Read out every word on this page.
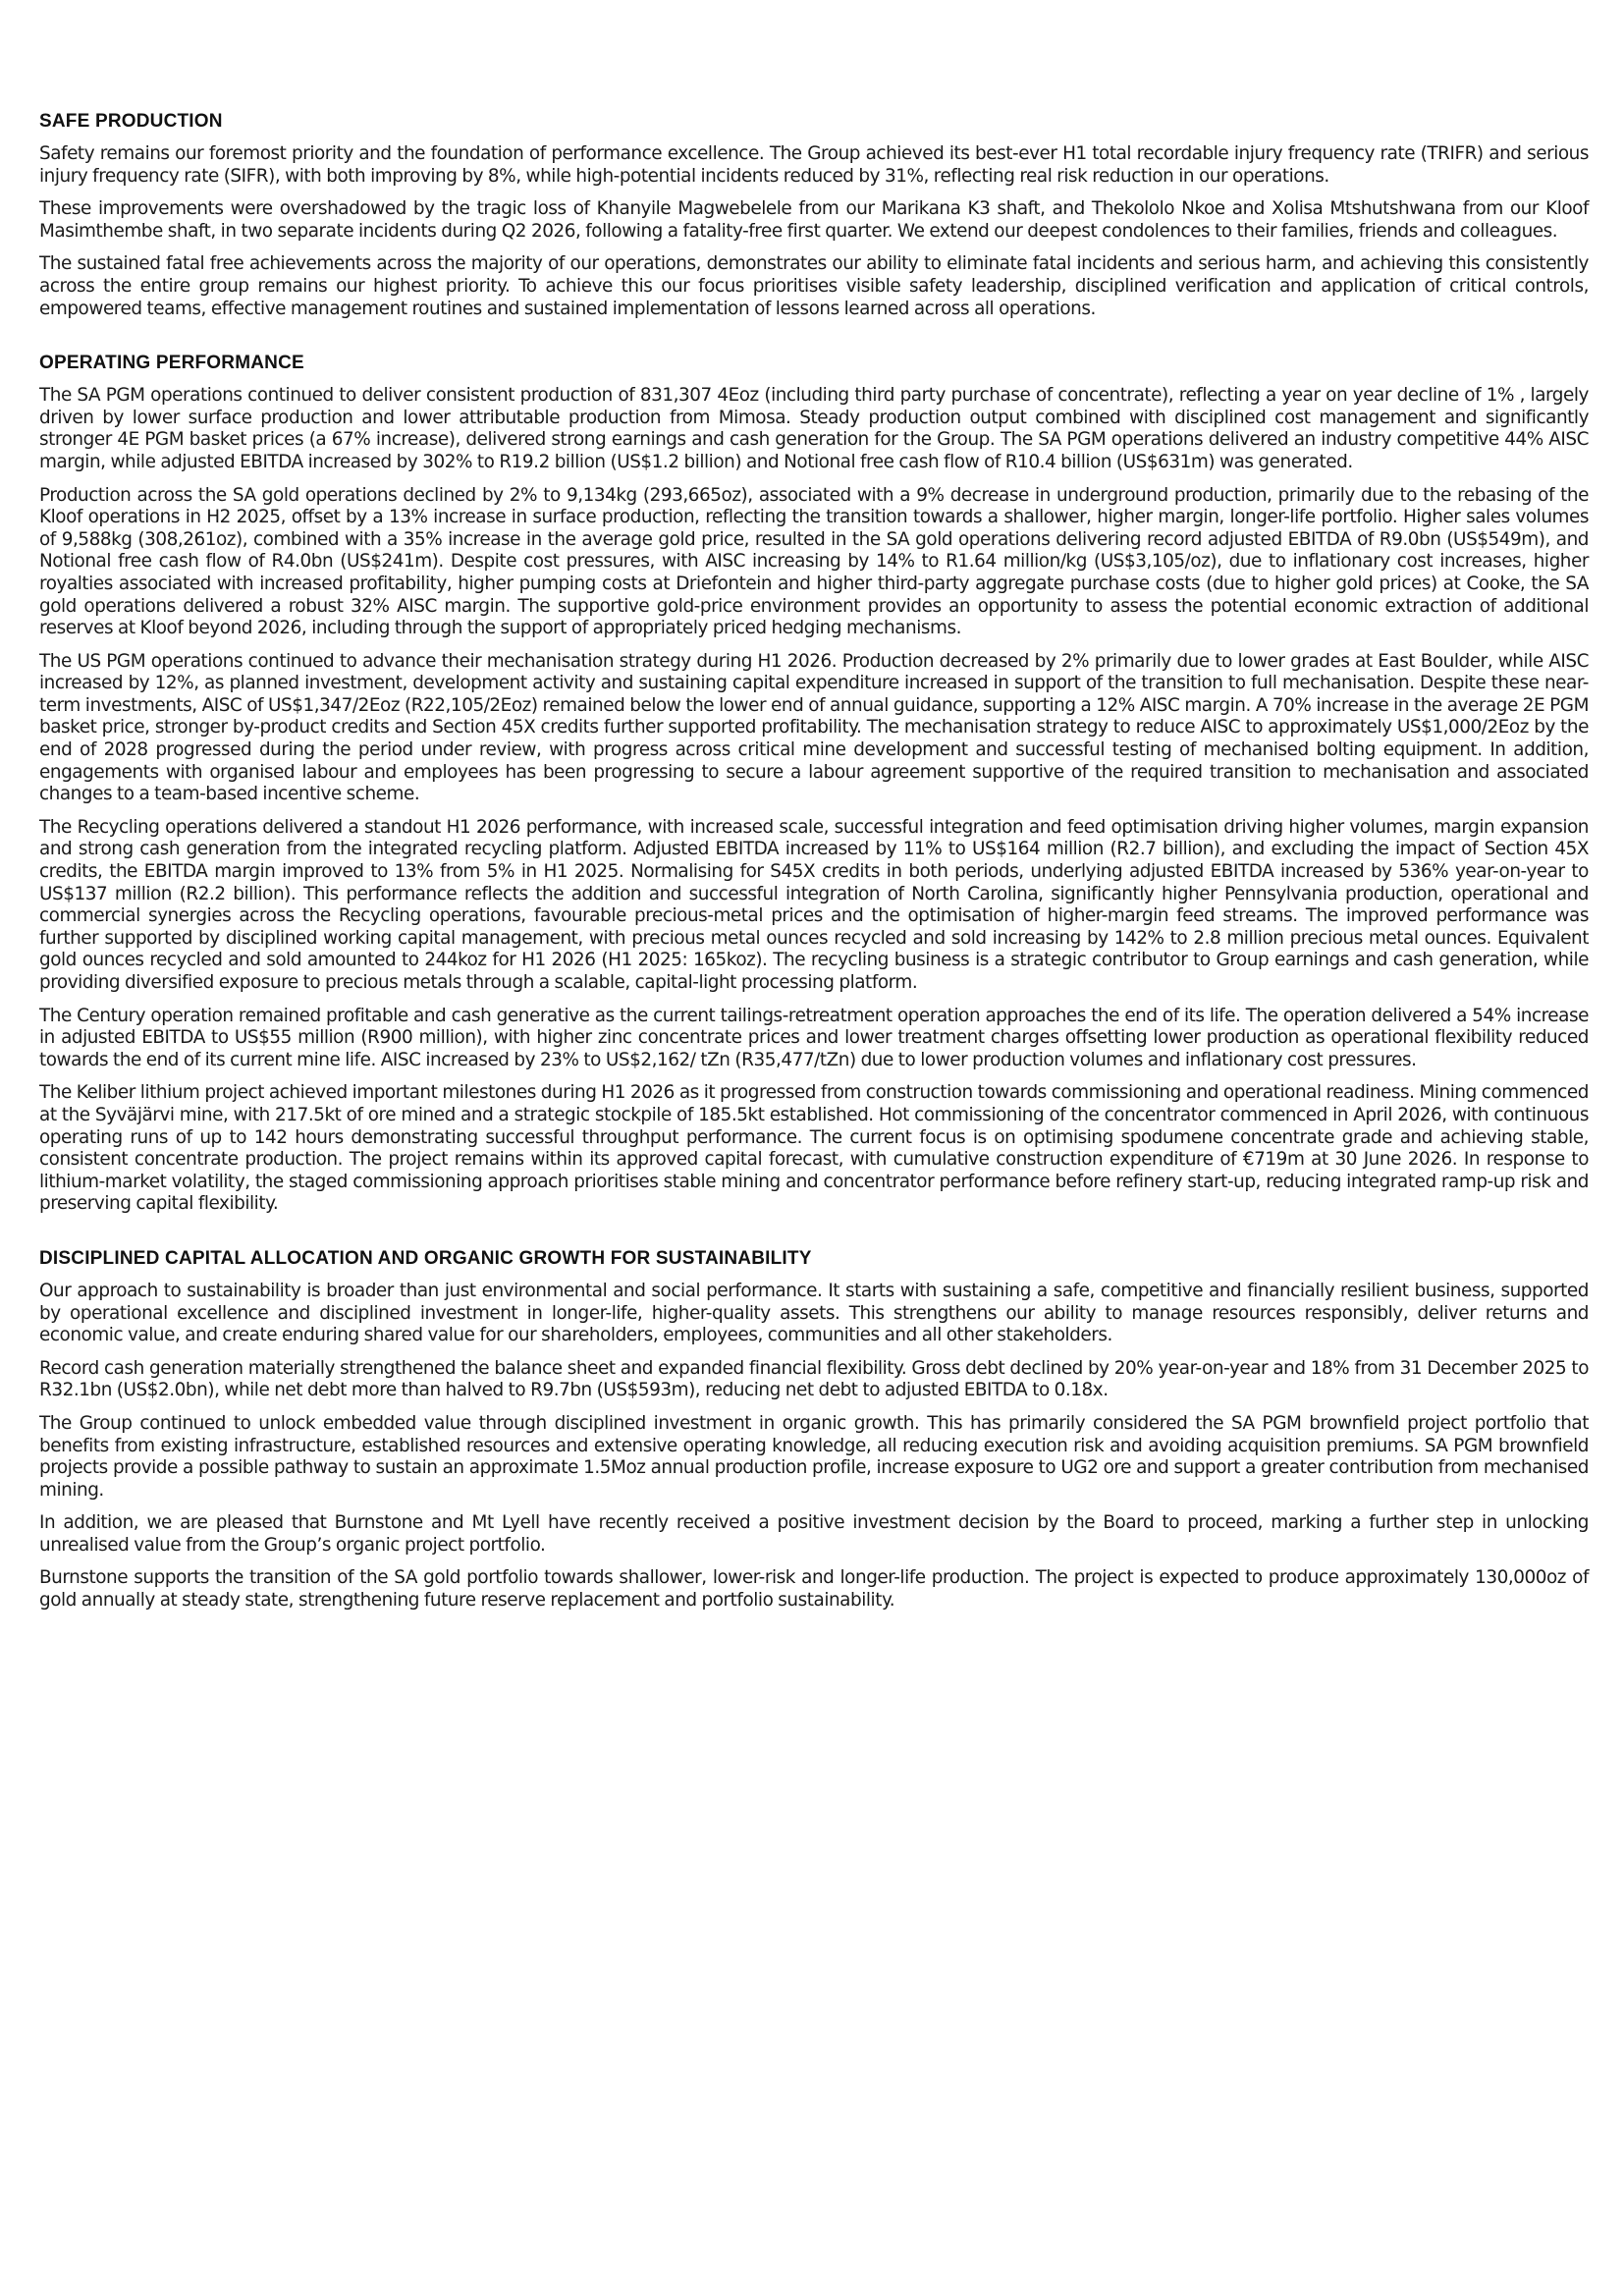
SAFE PRODUCTION

Safety remains our foremost priority and the foundation of performance excellence. The Group achieved its best-ever H1 total recordable injury frequency rate (TRIFR) and serious injury frequency rate (SIFR), with both improving by 8%, while high-potential incidents reduced by 31%, reflecting real risk reduction in our operations.

These improvements were overshadowed by the tragic loss of Khanyile Magwebelele from our Marikana K3 shaft, and Thekololo Nkoe and Xolisa Mtshutshwana from our Kloof Masimthembe shaft, in two separate incidents during Q2 2026, following a fatality-free first quarter. We extend our deepest condolences to their families, friends and colleagues.

The sustained fatal free achievements across the majority of our operations, demonstrates our ability to eliminate fatal incidents and serious harm, and achieving this consistently across the entire group remains our highest priority. To achieve this our focus prioritises visible safety leadership, disciplined verification and application of critical controls, empowered teams, effective management routines and sustained implementation of lessons learned across all operations.

OPERATING PERFORMANCE

The SA PGM operations continued to deliver consistent production of 831,307 4Eoz (including third party purchase of concentrate), reflecting a year on year decline of 1% , largely driven by lower surface production and lower attributable production from Mimosa. Steady production output combined with disciplined cost management and significantly stronger 4E PGM basket prices (a 67% increase), delivered strong earnings and cash generation for the Group. The SA PGM operations delivered an industry competitive 44% AISC margin, while adjusted EBITDA increased by 302% to R19.2 billion (US$1.2 billion) and Notional free cash flow of R10.4 billion (US$631m) was generated.

Production across the SA gold operations declined by 2% to 9,134kg (293,665oz), associated with a 9% decrease in underground production, primarily due to the rebasing of the Kloof operations in H2 2025, offset by a 13% increase in surface production, reflecting the transition towards a shallower, higher margin, longer-life portfolio. Higher sales volumes of 9,588kg (308,261oz), combined with a 35% increase in the average gold price, resulted in the SA gold operations delivering record adjusted EBITDA of R9.0bn (US$549m), and Notional free cash flow of R4.0bn (US$241m). Despite cost pressures, with AISC increasing by 14% to R1.64 million/kg (US$3,105/oz), due to inflationary cost increases, higher royalties associated with increased profitability, higher pumping costs at Driefontein and higher third-party aggregate purchase costs (due to higher gold prices) at Cooke, the SA gold operations delivered a robust 32% AISC margin. The supportive gold-price environment provides an opportunity to assess the potential economic extraction of additional reserves at Kloof beyond 2026, including through the support of appropriately priced hedging mechanisms.

The US PGM operations continued to advance their mechanisation strategy during H1 2026. Production decreased by 2% primarily due to lower grades at East Boulder, while AISC increased by 12%, as planned investment, development activity and sustaining capital expenditure increased in support of the transition to full mechanisation. Despite these near-term investments, AISC of US$1,347/2Eoz (R22,105/2Eoz) remained below the lower end of annual guidance, supporting a 12% AISC margin. A 70% increase in the average 2E PGM basket price, stronger by-product credits and Section 45X credits further supported profitability. The mechanisation strategy to reduce AISC to approximately US$1,000/2Eoz by the end of 2028 progressed during the period under review, with progress across critical mine development and successful testing of mechanised bolting equipment. In addition, engagements with organised labour and employees has been progressing to secure a labour agreement supportive of the required transition to mechanisation and associated changes to a team-based incentive scheme.

The Recycling operations delivered a standout H1 2026 performance, with increased scale, successful integration and feed optimisation driving higher volumes, margin expansion and strong cash generation from the integrated recycling platform. Adjusted EBITDA increased by 11% to US$164 million (R2.7 billion), and excluding the impact of Section 45X credits, the EBITDA margin improved to 13% from 5% in H1 2025. Normalising for S45X credits in both periods, underlying adjusted EBITDA increased by 536% year-on-year to US$137 million (R2.2 billion). This performance reflects the addition and successful integration of North Carolina, significantly higher Pennsylvania production, operational and commercial synergies across the Recycling operations, favourable precious-metal prices and the optimisation of higher-margin feed streams. The improved performance was further supported by disciplined working capital management, with precious metal ounces recycled and sold increasing by 142% to 2.8 million precious metal ounces. Equivalent gold ounces recycled and sold amounted to 244koz for H1 2026 (H1 2025: 165koz). The recycling business is a strategic contributor to Group earnings and cash generation, while providing diversified exposure to precious metals through a scalable, capital-light processing platform.

The Century operation remained profitable and cash generative as the current tailings-retreatment operation approaches the end of its life. The operation delivered a 54% increase in adjusted EBITDA to US$55 million (R900 million), with higher zinc concentrate prices and lower treatment charges offsetting lower production as operational flexibility reduced towards the end of its current mine life. AISC increased by 23% to US$2,162/ tZn (R35,477/tZn) due to lower production volumes and inflationary cost pressures.

The Keliber lithium project achieved important milestones during H1 2026 as it progressed from construction towards commissioning and operational readiness. Mining commenced at the Syväjärvi mine, with 217.5kt of ore mined and a strategic stockpile of 185.5kt established. Hot commissioning of the concentrator commenced in April 2026, with continuous operating runs of up to 142 hours demonstrating successful throughput performance. The current focus is on optimising spodumene concentrate grade and achieving stable, consistent concentrate production. The project remains within its approved capital forecast, with cumulative construction expenditure of €719m at 30 June 2026. In response to lithium-market volatility, the staged commissioning approach prioritises stable mining and concentrator performance before refinery start-up, reducing integrated ramp-up risk and preserving capital flexibility.

DISCIPLINED CAPITAL ALLOCATION AND ORGANIC GROWTH FOR SUSTAINABILITY

Our approach to sustainability is broader than just environmental and social performance. It starts with sustaining a safe, competitive and financially resilient business, supported by operational excellence and disciplined investment in longer-life, higher-quality assets. This strengthens our ability to manage resources responsibly, deliver returns and economic value, and create enduring shared value for our shareholders, employees, communities and all other stakeholders.

Record cash generation materially strengthened the balance sheet and expanded financial flexibility. Gross debt declined by 20% year-on-year and 18% from 31 December 2025 to R32.1bn (US$2.0bn), while net debt more than halved to R9.7bn (US$593m), reducing net debt to adjusted EBITDA to 0.18x.

The Group continued to unlock embedded value through disciplined investment in organic growth. This has primarily considered the SA PGM brownfield project portfolio that benefits from existing infrastructure, established resources and extensive operating knowledge, all reducing execution risk and avoiding acquisition premiums. SA PGM brownfield projects provide a possible pathway to sustain an approximate 1.5Moz annual production profile, increase exposure to UG2 ore and support a greater contribution from mechanised mining.

In addition, we are pleased that Burnstone and Mt Lyell have recently received a positive investment decision by the Board to proceed, marking a further step in unlocking unrealised value from the Group’s organic project portfolio.

Burnstone supports the transition of the SA gold portfolio towards shallower, lower-risk and longer-life production. The project is expected to produce approximately 130,000oz of gold annually at steady state, strengthening future reserve replacement and portfolio sustainability.
